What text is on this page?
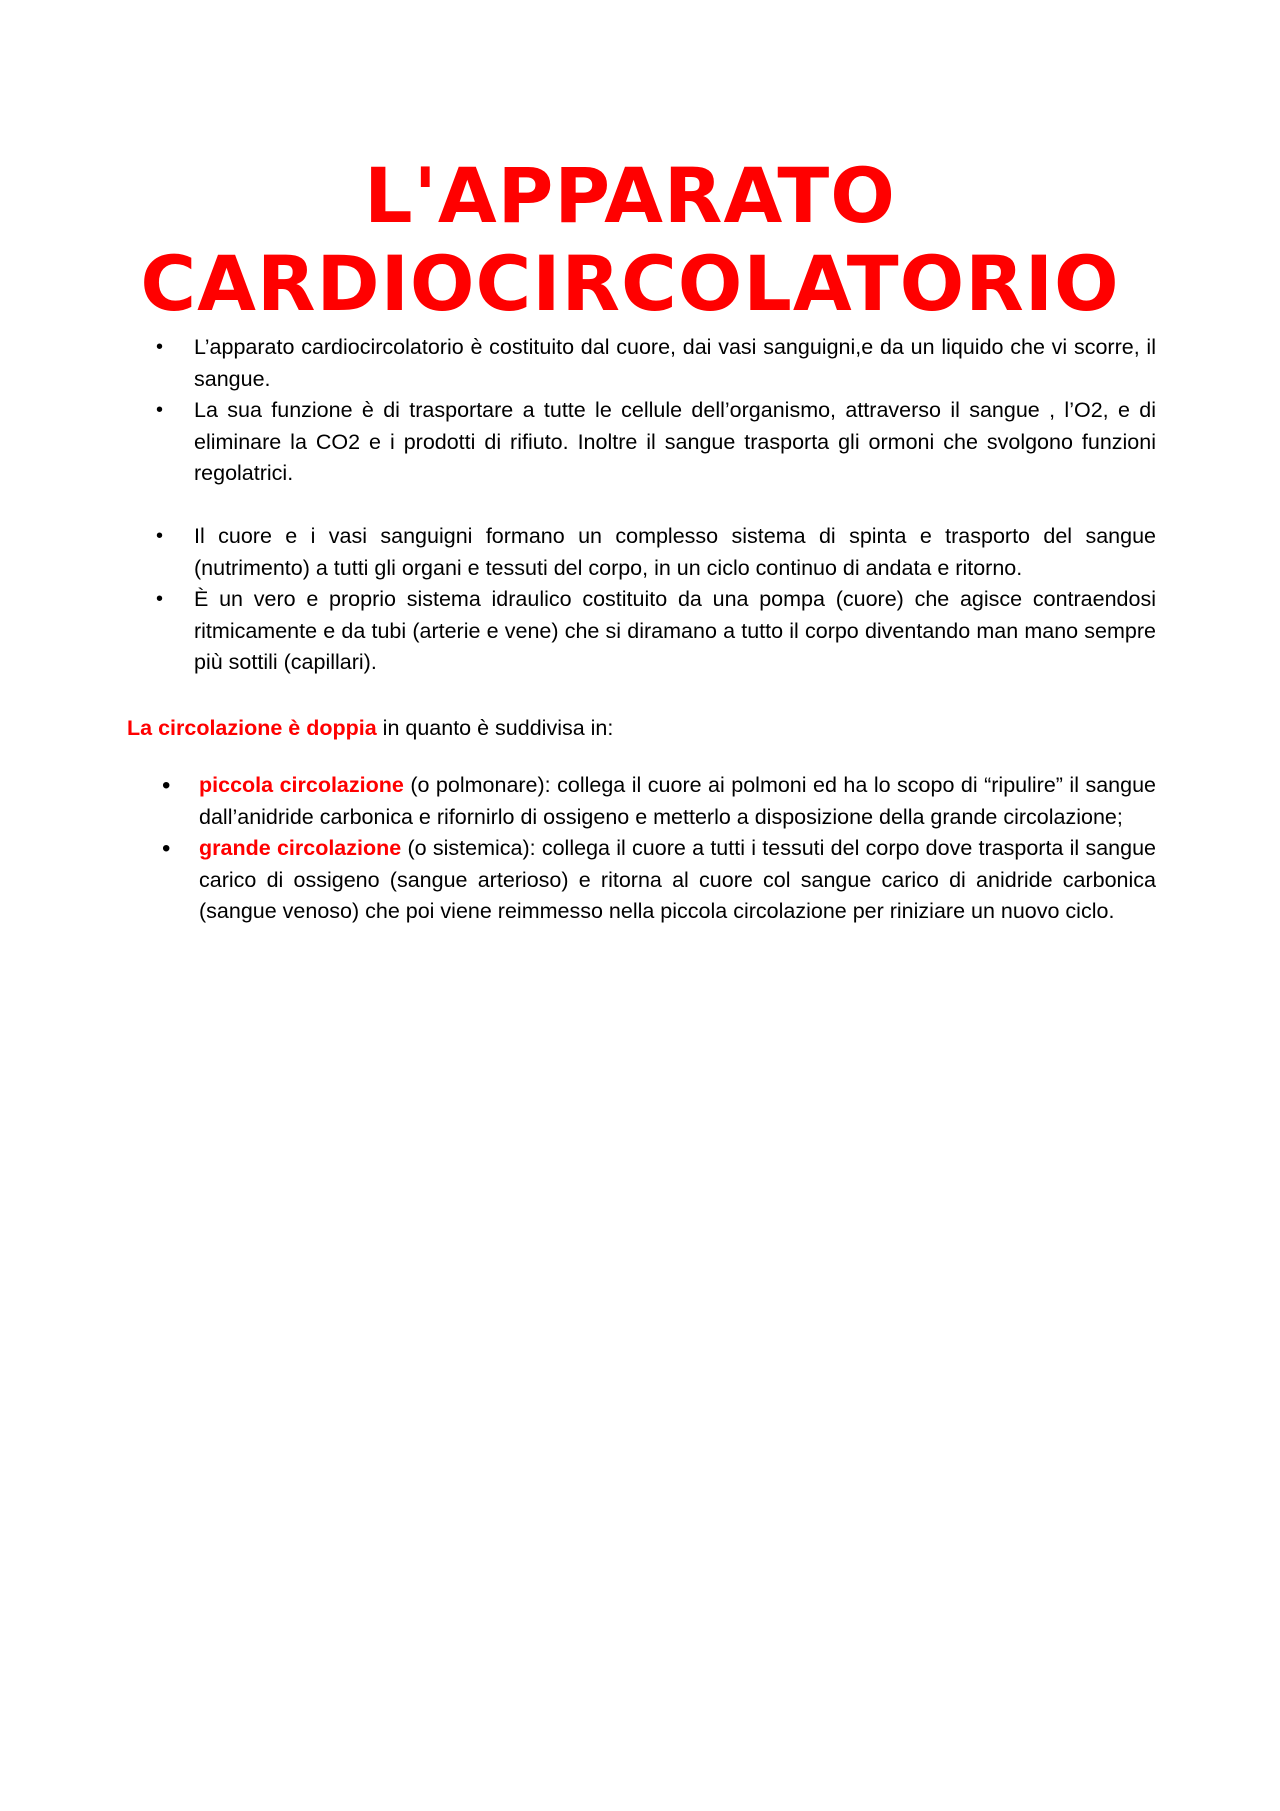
L'APPARATO
CARDIOCIRCOLATORIO
• L’apparato cardiocircolatorio è costituito dal cuore, dai vasi sanguigni,e da un liquido che vi scorre, il sangue.
• La sua funzione è di trasportare a tutte le cellule dell’organismo, attraverso il sangue , l’O2, e di eliminare la CO2 e i prodotti di rifiuto. Inoltre il sangue trasporta gli ormoni che svolgono funzioni regolatrici.
• Il cuore e i vasi sanguigni formano un complesso sistema di spinta e trasporto del sangue (nutrimento) a tutti gli organi e tessuti del corpo, in un ciclo continuo di andata e ritorno.
• È un vero e proprio sistema idraulico costituito da una pompa (cuore) che agisce contraendosi ritmicamente e da tubi (arterie e vene) che si diramano a tutto il corpo diventando man mano sempre più sottili (capillari).

La circolazione è doppia in quanto è suddivisa in:

• piccola circolazione (o polmonare): collega il cuore ai polmoni ed ha lo scopo di “ripulire” il sangue dall’anidride carbonica e rifornirlo di ossigeno e metterlo a disposizione della grande circolazione;
• grande circolazione (o sistemica): collega il cuore a tutti i tessuti del corpo dove trasporta il sangue carico di ossigeno (sangue arterioso) e ritorna al cuore col sangue carico di anidride carbonica (sangue venoso) che poi viene reimmesso nella piccola circolazione per riniziare un nuovo ciclo.
